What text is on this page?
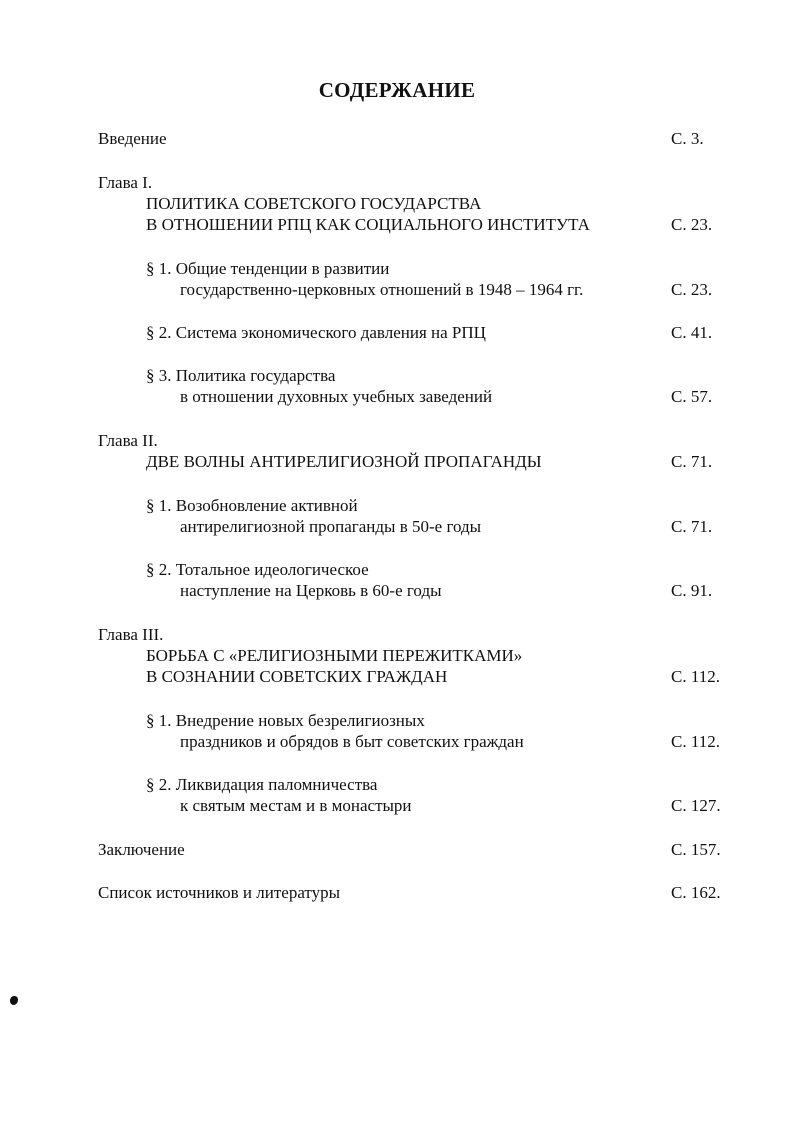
СОДЕРЖАНИЕ
Введение	С. 3.
Глава I.
ПОЛИТИКА СОВЕТСКОГО ГОСУДАРСТВА
В ОТНОШЕНИИ РПЦ КАК СОЦИАЛЬНОГО ИНСТИТУТА	С. 23.
§ 1. Общие тенденции в развитии
государственно-церковных отношений в 1948 – 1964 гг.	С. 23.
§ 2. Система экономического давления на РПЦ	С. 41.
§ 3. Политика государства
в отношении духовных учебных заведений	С. 57.
Глава II.
ДВЕ ВОЛНЫ АНТИРЕЛИГИОЗНОЙ ПРОПАГАНДЫ	С. 71.
§ 1. Возобновление активной
антирелигиозной пропаганды в 50-е годы	С. 71.
§ 2. Тотальное идеологическое
наступление на Церковь в 60-е годы	С. 91.
Глава III.
БОРЬБА С «РЕЛИГИОЗНЫМИ ПЕРЕЖИТКАМИ»
В СОЗНАНИИ СОВЕТСКИХ ГРАЖДАН	С. 112.
§ 1. Внедрение новых безрелигиозных
праздников и обрядов в быт советских граждан	С. 112.
§ 2. Ликвидация паломничества
к святым местам и в монастыри	С. 127.
Заключение	С. 157.
Список источников и литературы	С. 162.
